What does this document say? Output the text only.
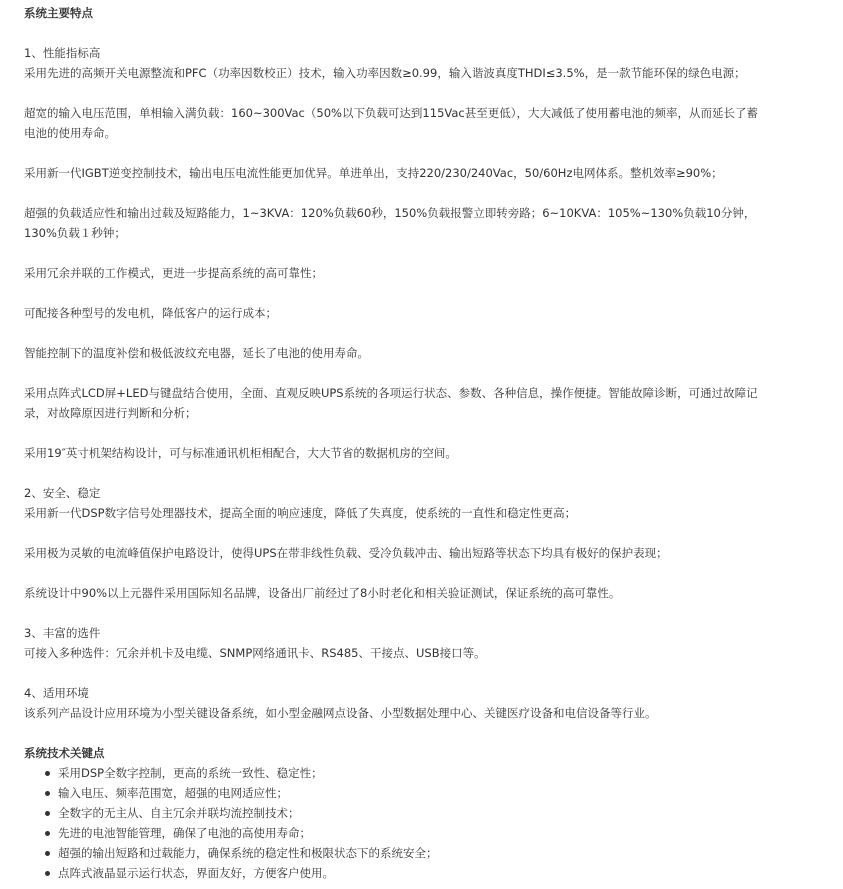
系统主要特点

1、性能指标高

采用先进的高频开关电源整流和PFC（功率因数校正）技术，输入功率因数≥0.99，输入谐波真度THDI≤3.5%，是一款节能环保的绿色电源；

超宽的输入电压范围，单相输入满负载：160~300Vac（50%以下负载可达到115Vac甚至更低），大大减低了使用蓄电池的频率，从而延长了蓄

电池的使用寿命。

采用新一代IGBT逆变控制技术，输出电压电流性能更加优异。单进单出，支持220/230/240Vac，50/60Hz电网体系。整机效率≥90%；

超强的负载适应性和输出过载及短路能力，1~3KVA：120%负载60秒，150%负载报警立即转旁路；6~10KVA：105%~130%负载10分钟，

130%负载１秒钟；

采用冗余并联的工作模式，更进一步提高系统的高可靠性；

可配接各种型号的发电机，降低客户的运行成本；

智能控制下的温度补偿和极低波纹充电器，延长了电池的使用寿命。

采用点阵式LCD屏+LED与键盘结合使用，全面、直观反映UPS系统的各项运行状态、参数、各种信息，操作便捷。智能故障诊断，可通过故障记

录，对故障原因进行判断和分析；

采用19″英寸机架结构设计，可与标准通讯机柜相配合，大大节省的数据机房的空间。

2、安全、稳定

采用新一代DSP数字信号处理器技术，提高全面的响应速度，降低了失真度，使系统的一直性和稳定性更高；

采用极为灵敏的电流峰值保护电路设计，使得UPS在带非线性负载、受冷负载冲击、输出短路等状态下均具有极好的保护表现；

系统设计中90%以上元器件采用国际知名品牌，设备出厂前经过了8小时老化和相关验证测试，保证系统的高可靠性。

3、丰富的选件

可接入多种选件：冗余并机卡及电缆、SNMP网络通讯卡、RS485、干接点、USB接口等。

4、适用环境

该系列产品设计应用环境为小型关键设备系统，如小型金融网点设备、小型数据处理中心、关键医疗设备和电信设备等行业。

系统技术关键点

采用DSP全数字控制，更高的系统一致性、稳定性；
输入电压、频率范围宽，超强的电网适应性；
全数字的无主从、自主冗余并联均流控制技术；
先进的电池智能管理，确保了电池的高使用寿命；
超强的输出短路和过载能力，确保系统的稳定性和极限状态下的系统安全；
点阵式液晶显示运行状态，界面友好，方便客户使用。
